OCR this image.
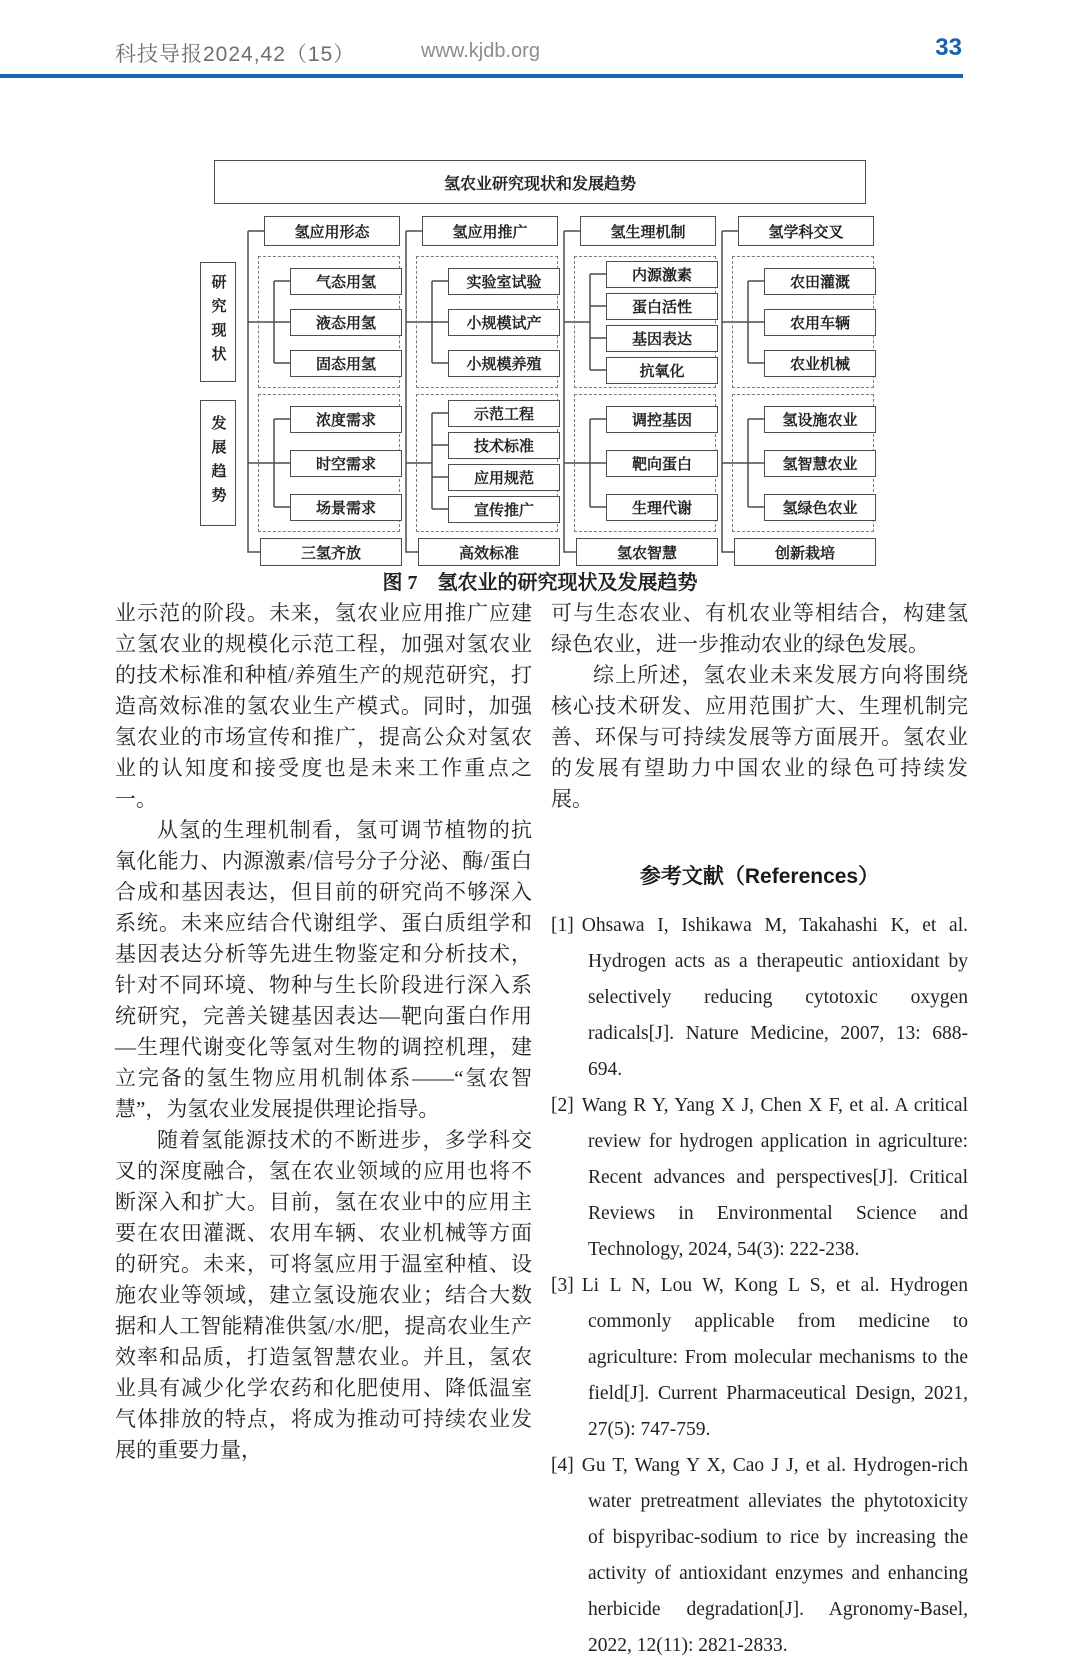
科技导报2024,42（15）	www.kjdb.org	33
氢农业研究现状和发展趋势
研究现状
发展趋势
氢应用形态
三氢齐放
气态用氢
液态用氢
固态用氢
浓度需求
时空需求
场景需求
氢应用推广
高效标准
实验室试验
小规模试产
小规模养殖
示范工程
技术标准
应用规范
宣传推广
氢生理机制
氢农智慧
内源激素
蛋白活性
基因表达
抗氧化
调控基因
靶向蛋白
生理代谢
氢学科交叉
创新栽培
农田灌溉
农用车辆
农业机械
氢设施农业
氢智慧农业
氢绿色农业
图 7　氢农业的研究现状及发展趋势

业示范的阶段。未来，氢农业应用推广应建立氢农业的规模化示范工程，加强对氢农业的技术标准和种植/养殖生产的规范研究，打造高效标准的氢农业生产模式。同时，加强氢农业的市场宣传和推广，提高公众对氢农业的认知度和接受度也是未来工作重点之一。

从氢的生理机制看，氢可调节植物的抗氧化能力、内源激素/信号分子分泌、酶/蛋白合成和基因表达，但目前的研究尚不够深入系统。未来应结合代谢组学、蛋白质组学和基因表达分析等先进生物鉴定和分析技术，针对不同环境、物种与生长阶段进行深入系统研究，完善关键基因表达—靶向蛋白作用—生理代谢变化等氢对生物的调控机理，建立完备的氢生物应用机制体系——“氢农智慧”，为氢农业发展提供理论指导。

随着氢能源技术的不断进步，多学科交叉的深度融合，氢在农业领域的应用也将不断深入和扩大。目前，氢在农业中的应用主要在农田灌溉、农用车辆、农业机械等方面的研究。未来，可将氢应用于温室种植、设施农业等领域，建立氢设施农业；结合大数据和人工智能精准供氢/水/肥，提高农业生产效率和品质，打造氢智慧农业。并且，氢农业具有减少化学农药和化肥使用、降低温室气体排放的特点，将成为推动可持续农业发展的重要力量，

可与生态农业、有机农业等相结合，构建氢绿色农业，进一步推动农业的绿色发展。

综上所述，氢农业未来发展方向将围绕核心技术研发、应用范围扩大、生理机制完善、环保与可持续发展等方面展开。氢农业的发展有望助力中国农业的绿色可持续发展。

参考文献（References）
[1] Ohsawa I, Ishikawa M, Takahashi K, et al. Hydrogen acts as a therapeutic antioxidant by selectively reducing cytotoxic oxygen radicals[J]. Nature Medicine, 2007, 13: 688-694.
[2] Wang R Y, Yang X J, Chen X F, et al. A critical review for hydrogen application in agriculture: Recent advances and perspectives[J]. Critical Reviews in Environmental Science and Technology, 2024, 54(3): 222-238.
[3] Li L N, Lou W, Kong L S, et al. Hydrogen commonly applicable from medicine to agriculture: From molecular mechanisms to the field[J]. Current Pharmaceutical Design, 2021, 27(5): 747-759.
[4] Gu T, Wang Y X, Cao J J, et al. Hydrogen-rich water pretreatment alleviates the phytotoxicity of bispyribac-sodium to rice by increasing the activity of antioxidant enzymes and enhancing herbicide degradation[J]. Agronomy-Basel, 2022, 12(11): 2821-2833.
